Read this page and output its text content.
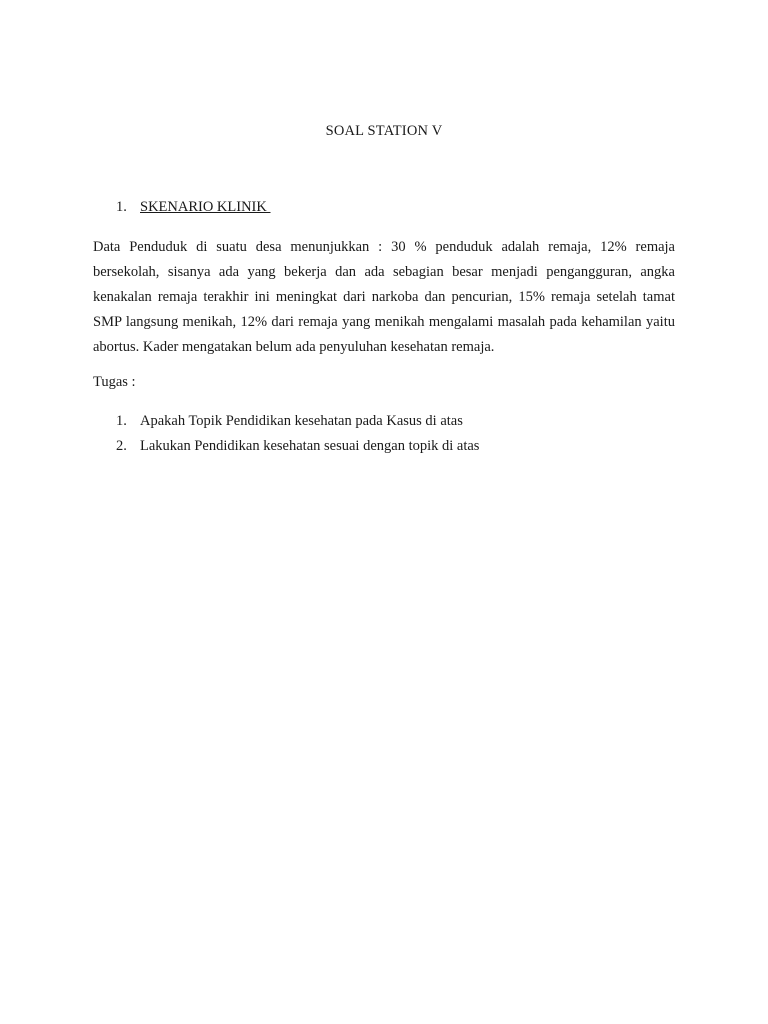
SOAL STATION V
1. SKENARIO KLINIK
Data Penduduk di suatu desa menunjukkan : 30 % penduduk adalah remaja, 12% remaja bersekolah, sisanya ada yang bekerja dan ada sebagian besar menjadi pengangguran, angka kenakalan remaja terakhir ini meningkat dari narkoba dan pencurian, 15% remaja setelah tamat SMP langsung menikah, 12% dari remaja yang menikah mengalami masalah pada kehamilan yaitu abortus. Kader mengatakan belum ada penyuluhan kesehatan remaja.
Tugas :
1. Apakah Topik Pendidikan kesehatan pada Kasus di atas
2. Lakukan Pendidikan kesehatan sesuai dengan topik di atas
